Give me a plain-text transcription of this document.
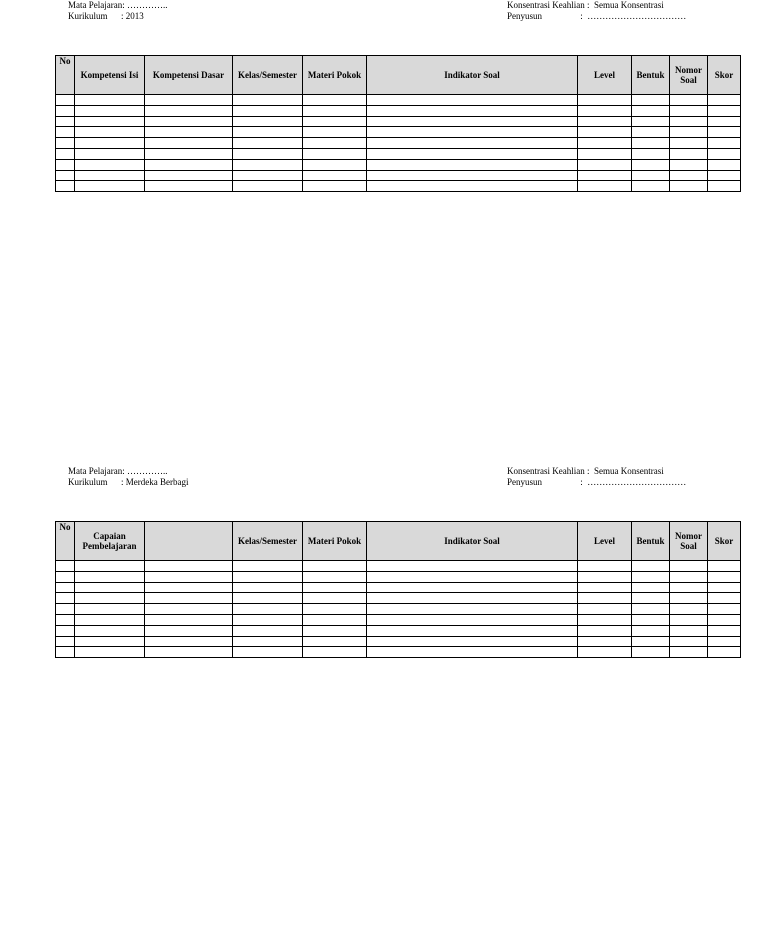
Mata Pelajaran: …………..
Kurikulum      : 2013
Konsentrasi Keahlian :  Semua Konsentrasi
Penyusun                 :  ……………………………
No	Kompetensi Isi	Kompetensi Dasar	Kelas/Semester	Materi Pokok	Indikator Soal	Level	Bentuk	Nomor Soal	Skor

Mata Pelajaran: …………..
Kurikulum      : Merdeka Berbagi
Konsentrasi Keahlian :  Semua Konsentrasi
Penyusun                 :  ……………………………
No	Capaian Pembelajaran		Kelas/Semester	Materi Pokok	Indikator Soal	Level	Bentuk	Nomor Soal	Skor
